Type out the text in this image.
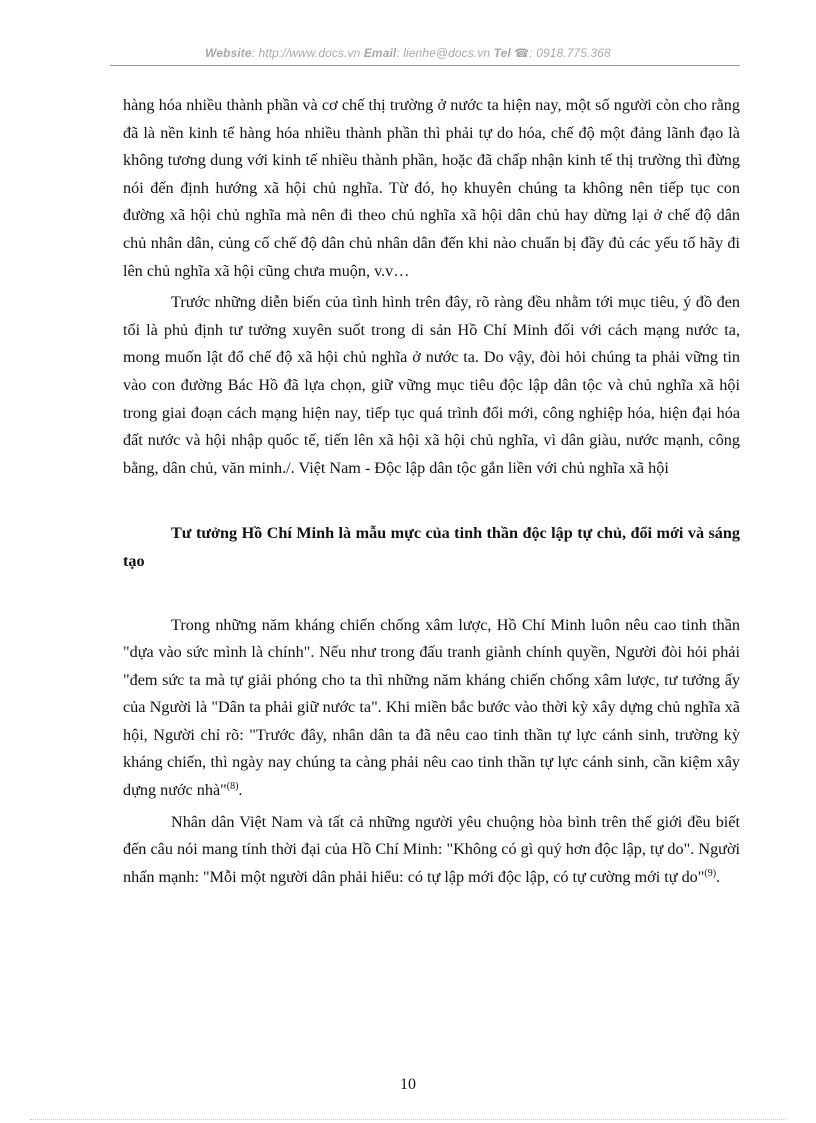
Website: http://www.docs.vn Email: lienhe@docs.vn Tel ☎: 0918.775.368

hàng hóa nhiều thành phần và cơ chế thị trường ở nước ta hiện nay, một số người còn cho rằng đã là nền kinh tế hàng hóa nhiều thành phần thì phải tự do hóa, chế độ một đảng lãnh đạo là không tương dung với kinh tế nhiều thành phần, hoặc đã chấp nhận kinh tế thị trường thì đừng nói đến định hướng xã hội chủ nghĩa. Từ đó, họ khuyên chúng ta không nên tiếp tục con đường xã hội chủ nghĩa mà nên đi theo chủ nghĩa xã hội dân chủ hay dừng lại ở chế độ dân chủ nhân dân, củng cố chế độ dân chủ nhân dân đến khi nào chuẩn bị đầy đủ các yếu tố hãy đi lên chủ nghĩa xã hội cũng chưa muộn, v.v…

Trước những diễn biến của tình hình trên đây, rõ ràng đều nhằm tới mục tiêu, ý đồ đen tối là phủ định tư tưởng xuyên suốt trong di sản Hồ Chí Minh đối với cách mạng nước ta, mong muốn lật đổ chế độ xã hội chủ nghĩa ở nước ta. Do vậy, đòi hỏi chúng ta phải vững tin vào con đường Bác Hồ đã lựa chọn, giữ vững mục tiêu độc lập dân tộc và chủ nghĩa xã hội trong giai đoạn cách mạng hiện nay, tiếp tục quá trình đổi mới, công nghiệp hóa, hiện đại hóa đất nước và hội nhập quốc tế, tiến lên xã hội xã hội chủ nghĩa, vì dân giàu, nước mạnh, công bằng, dân chủ, văn minh./. Việt Nam - Độc lập dân tộc gắn liền với chủ nghĩa xã hội

Tư tưởng Hồ Chí Minh là mẫu mực của tinh thần độc lập tự chủ, đổi mới và sáng tạo

Trong những năm kháng chiến chống xâm lược, Hồ Chí Minh luôn nêu cao tinh thần "dựa vào sức mình là chính". Nếu như trong đấu tranh giành chính quyền, Người đòi hỏi phải "đem sức ta mà tự giải phóng cho ta thì những năm kháng chiến chống xâm lược, tư tưởng ấy của Người là "Dân ta phải giữ nước ta". Khi miền bắc bước vào thời kỳ xây dựng chủ nghĩa xã hội, Người chỉ rõ: "Trước đây, nhân dân ta đã nêu cao tinh thần tự lực cánh sinh, trường kỳ kháng chiến, thì ngày nay chúng ta càng phải nêu cao tinh thần tự lực cánh sinh, cần kiệm xây dựng nước nhà"$^{(8)}$.

Nhân dân Việt Nam và tất cả những người yêu chuộng hòa bình trên thế giới đều biết đến câu nói mang tính thời đại của Hồ Chí Minh: "Không có gì quý hơn độc lập, tự do". Người nhấn mạnh: "Mỗi một người dân phải hiểu: có tự lập mới độc lập, có tự cường mới tự do"$^{(9)}$.

10
